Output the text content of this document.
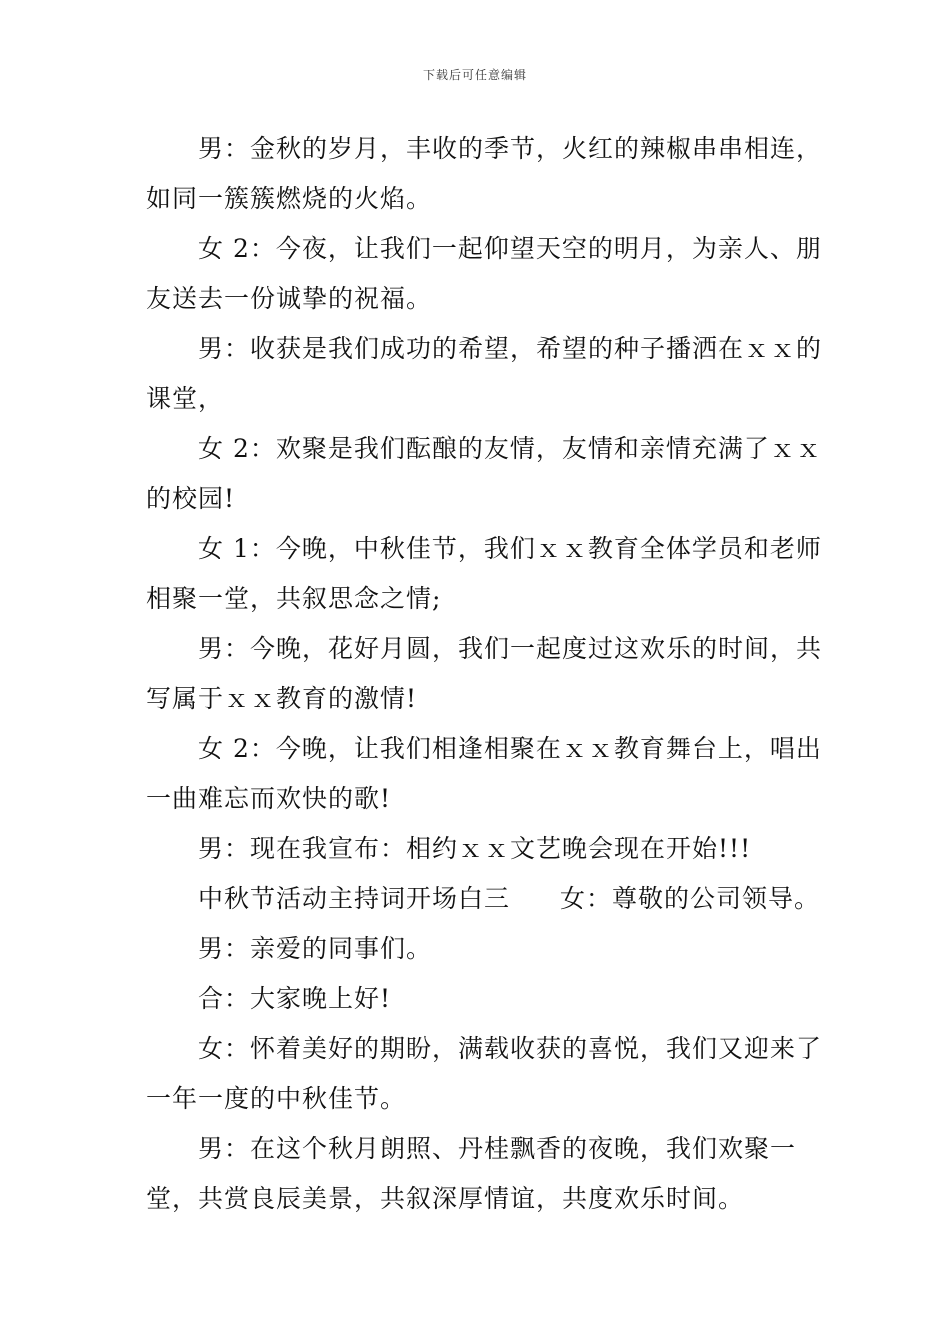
下载后可任意编辑

男：金秋的岁月，丰收的季节，火红的辣椒串串相连，如同一簇簇燃烧的火焰。

女 2：今夜，让我们一起仰望天空的明月，为亲人、朋友送去一份诚挚的祝福。

男：收获是我们成功的希望，希望的种子播洒在ｘｘ的课堂，

女 2：欢聚是我们酝酿的友情，友情和亲情充满了ｘｘ的校园!

女 1：今晚，中秋佳节，我们ｘｘ教育全体学员和老师相聚一堂，共叙思念之情;

男：今晚，花好月圆，我们一起度过这欢乐的时间，共写属于ｘｘ教育的激情!

女 2：今晚，让我们相逢相聚在ｘｘ教育舞台上，唱出一曲难忘而欢快的歌!

男：现在我宣布：相约ｘｘ文艺晚会现在开始!!!

中秋节活动主持词开场白三 女：尊敬的公司领导。

男：亲爱的同事们。

合：大家晚上好!

女：怀着美好的期盼，满载收获的喜悦，我们又迎来了一年一度的中秋佳节。

男：在这个秋月朗照、丹桂飘香的夜晚，我们欢聚一堂，共赏良辰美景，共叙深厚情谊，共度欢乐时间。
